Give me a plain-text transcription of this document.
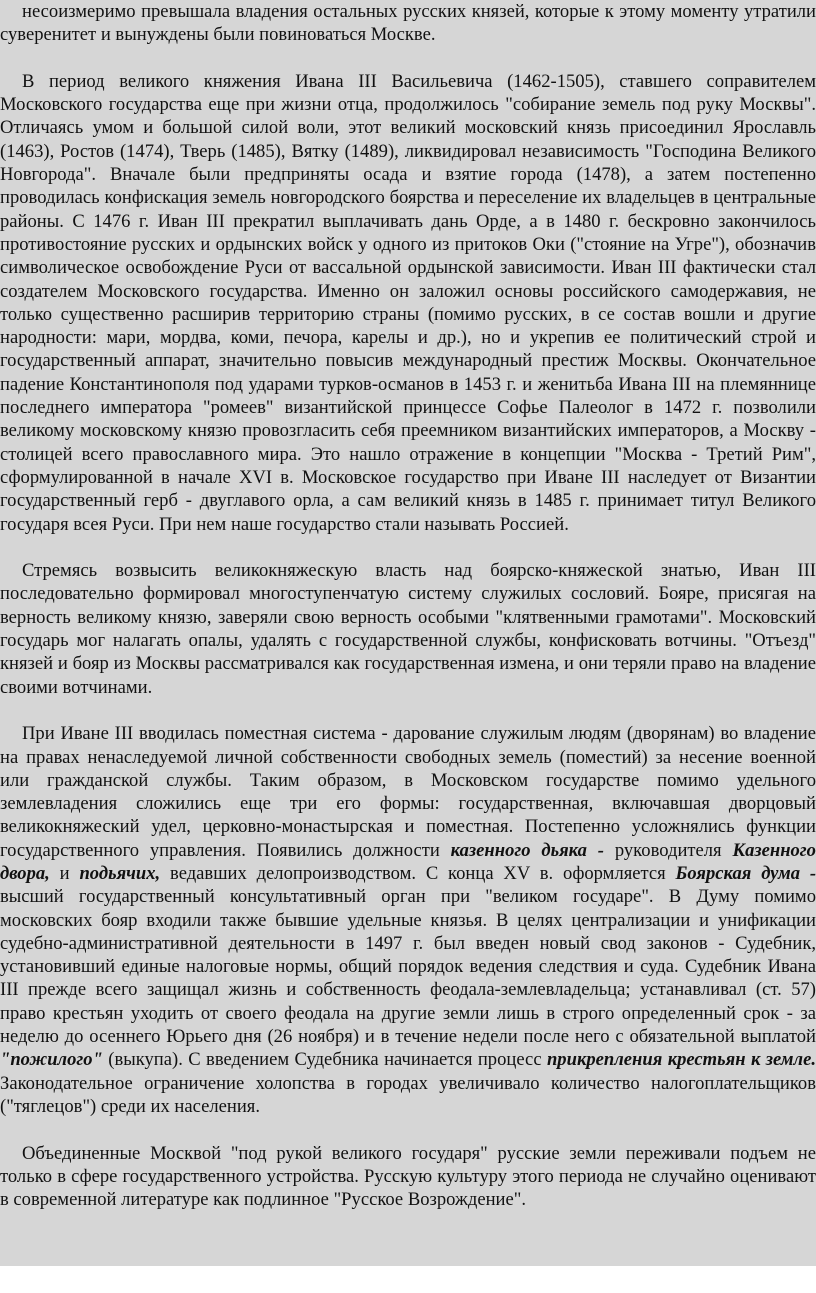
несоизмеримо превышала владения остальных русских князей, которые к этому моменту утратили суверенитет и вынуждены были повиноваться Москве.

В период великого княжения Ивана III Васильевича (1462-1505), ставшего соправителем Московского государства еще при жизни отца, продолжилось "собирание земель под руку Москвы". Отличаясь умом и большой силой воли, этот великий московский князь присоединил Ярославль (1463), Ростов (1474), Тверь (1485), Вятку (1489), ликвидировал независимость "Господина Великого Новгорода". Вначале были предприняты осада и взятие города (1478), а затем постепенно проводилась конфискация земель новгородского боярства и переселение их владельцев в центральные районы. С 1476 г. Иван III прекратил выплачивать дань Орде, а в 1480 г. бескровно закончилось противостояние русских и ордынских войск у одного из притоков Оки ("стояние на Угре"), обозначив символическое освобождение Руси от вассальной ордынской зависимости. Иван III фактически стал создателем Московского государства. Именно он заложил основы российского самодержавия, не только существенно расширив территорию страны (помимо русских, в се состав вошли и другие народности: мари, мордва, коми, печора, карелы и др.), но и укрепив ее политический строй и государственный аппарат, значительно повысив международный престиж Москвы. Окончательное падение Константинополя под ударами турков-османов в 1453 г. и женитьба Ивана III на племяннице последнего императора "ромеев" византийской принцессе Софье Палеолог в 1472 г. позволили великому московскому князю провозгласить себя преемником византийских императоров, а Москву - столицей всего православного мира. Это нашло отражение в концепции "Москва - Третий Рим", сформулированной в начале XVI в. Московское государство при Иване III наследует от Византии государственный герб - двуглавого орла, а сам великий князь в 1485 г. принимает титул Великого государя всея Руси. При нем наше государство стали называть Россией.

Стремясь возвысить великокняжескую власть над боярско-княжеской знатью, Иван III последовательно формировал многоступенчатую систему служилых сословий. Бояре, присягая на верность великому князю, заверяли свою верность особыми "клятвенными грамотами". Московский государь мог налагать опалы, удалять с государственной службы, конфисковать вотчины. "Отъезд" князей и бояр из Москвы рассматривался как государственная измена, и они теряли право на владение своими вотчинами.

При Иване III вводилась поместная система - дарование служилым людям (дворянам) во владение на правах ненаследуемой личной собственности свободных земель (поместий) за несение военной или гражданской службы. Таким образом, в Московском государстве помимо удельного землевладения сложились еще три его формы: государственная, включавшая дворцовый великокняжеский удел, церковно-монастырская и поместная. Постепенно усложнялись функции государственного управления. Появились должности казенного дьяка - руководителя Казенного двора, и подьячих, ведавших делопроизводством. С конца XV в. оформляется Боярская дума - высший государственный консультативный орган при "великом государе". В Думу помимо московских бояр входили также бывшие удельные князья. В целях централизации и унификации судебно-административной деятельности в 1497 г. был введен новый свод законов - Судебник, установивший единые налоговые нормы, общий порядок ведения следствия и суда. Судебник Ивана III прежде всего защищал жизнь и собственность феодала-землевладельца; устанавливал (ст. 57) право крестьян уходить от своего феодала на другие земли лишь в строго определенный срок - за неделю до осеннего Юрьего дня (26 ноября) и в течение недели после него с обязательной выплатой "пожилого" (выкупа). С введением Судебника начинается процесс прикрепления крестьян к земле. Законодательное ограничение холопства в городах увеличивало количество налогоплательщиков ("тяглецов") среди их населения.

Объединенные Москвой "под рукой великого государя" русские земли переживали подъем не только в сфере государственного устройства. Русскую культуру этого периода не случайно оценивают в современной литературе как подлинное "Русское Возрождение".
